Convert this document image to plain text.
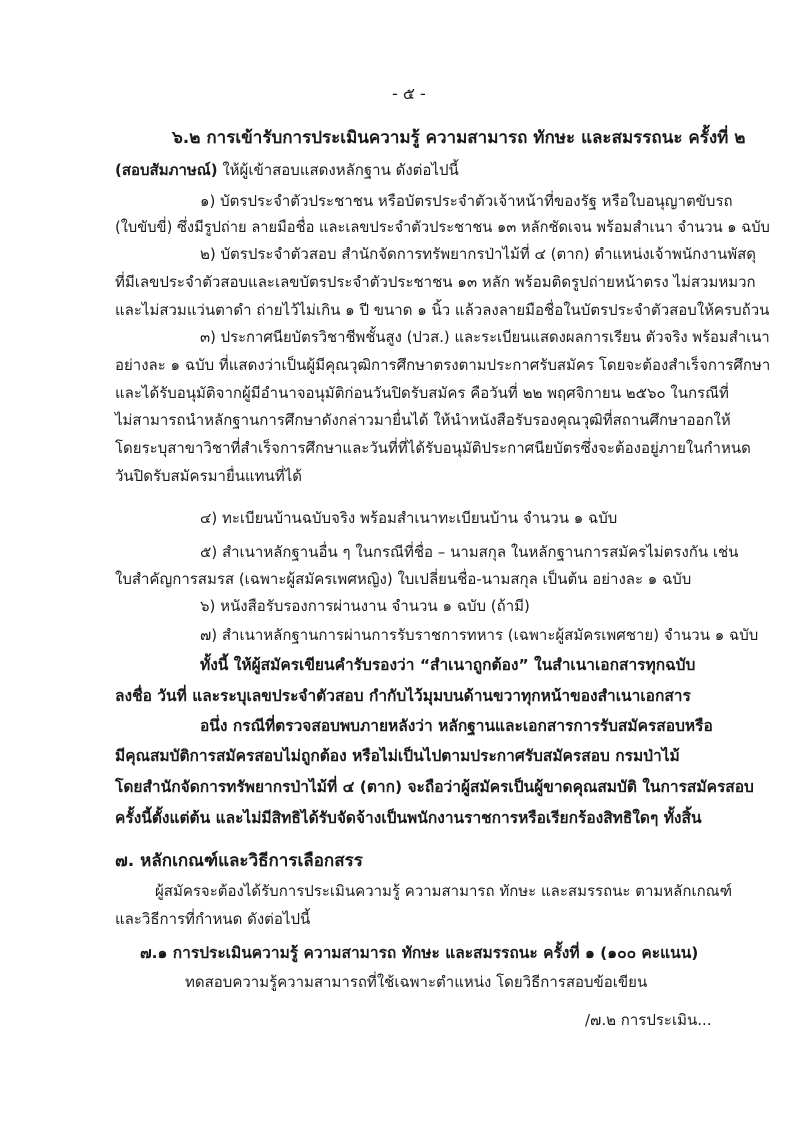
- ๕ -
๖.๒ การเข้ารับการประเมินความรู้ ความสามารถ ทักษะ และสมรรถนะ ครั้งที่ ๒
(สอบสัมภาษณ์) ให้ผู้เข้าสอบแสดงหลักฐาน ดังต่อไปนี้
๑) บัตรประจำตัวประชาชน หรือบัตรประจำตัวเจ้าหน้าที่ของรัฐ หรือใบอนุญาตขับรถ
(ใบขับขี่) ซึ่งมีรูปถ่าย ลายมือชื่อ และเลขประจำตัวประชาชน ๑๓ หลักชัดเจน พร้อมสำเนา จำนวน ๑ ฉบับ
๒) บัตรประจำตัวสอบ สำนักจัดการทรัพยากรป่าไม้ที่ ๔ (ตาก) ตำแหน่งเจ้าพนักงานพัสดุ
ที่มีเลขประจำตัวสอบและเลขบัตรประจำตัวประชาชน ๑๓ หลัก พร้อมติดรูปถ่ายหน้าตรง ไม่สวมหมวก
และไม่สวมแว่นตาดำ ถ่ายไว้ไม่เกิน ๑ ปี ขนาด ๑ นิ้ว แล้วลงลายมือชื่อในบัตรประจำตัวสอบให้ครบถ้วน
๓) ประกาศนียบัตรวิชาชีพชั้นสูง (ปวส.) และระเบียนแสดงผลการเรียน ตัวจริง พร้อมสำเนา
อย่างละ ๑ ฉบับ ที่แสดงว่าเป็นผู้มีคุณวุฒิการศึกษาตรงตามประกาศรับสมัคร โดยจะต้องสำเร็จการศึกษา
และได้รับอนุมัติจากผู้มีอำนาจอนุมัติก่อนวันปิดรับสมัคร คือวันที่ ๒๒ พฤศจิกายน ๒๕๖๐ ในกรณีที่
ไม่สามารถนำหลักฐานการศึกษาดังกล่าวมายื่นได้ ให้นำหนังสือรับรองคุณวุฒิที่สถานศึกษาออกให้
โดยระบุสาขาวิชาที่สำเร็จการศึกษาและวันที่ที่ได้รับอนุมัติประกาศนียบัตรซึ่งจะต้องอยู่ภายในกำหนด
วันปิดรับสมัครมายื่นแทนที่ได้
๔) ทะเบียนบ้านฉบับจริง พร้อมสำเนาทะเบียนบ้าน จำนวน ๑ ฉบับ
๕) สำเนาหลักฐานอื่น ๆ ในกรณีที่ชื่อ – นามสกุล ในหลักฐานการสมัครไม่ตรงกัน เช่น
ใบสำคัญการสมรส (เฉพาะผู้สมัครเพศหญิง) ใบเปลี่ยนชื่อ-นามสกุล เป็นต้น อย่างละ ๑ ฉบับ
๖) หนังสือรับรองการผ่านงาน จำนวน ๑ ฉบับ (ถ้ามี)
๗) สำเนาหลักฐานการผ่านการรับราชการทหาร (เฉพาะผู้สมัครเพศชาย) จำนวน ๑ ฉบับ
ทั้งนี้ ให้ผู้สมัครเขียนคำรับรองว่า “สำเนาถูกต้อง” ในสำเนาเอกสารทุกฉบับ
ลงชื่อ วันที่ และระบุเลขประจำตัวสอบ กำกับไว้มุมบนด้านขวาทุกหน้าของสำเนาเอกสาร
อนึ่ง กรณีที่ตรวจสอบพบภายหลังว่า หลักฐานและเอกสารการรับสมัครสอบหรือ
มีคุณสมบัติการสมัครสอบไม่ถูกต้อง หรือไม่เป็นไปตามประกาศรับสมัครสอบ กรมป่าไม้
โดยสำนักจัดการทรัพยากรป่าไม้ที่ ๔ (ตาก) จะถือว่าผู้สมัครเป็นผู้ขาดคุณสมบัติ ในการสมัครสอบ
ครั้งนี้ตั้งแต่ต้น และไม่มีสิทธิได้รับจัดจ้างเป็นพนักงานราชการหรือเรียกร้องสิทธิใดๆ ทั้งสิ้น
๗. หลักเกณฑ์และวิธีการเลือกสรร
ผู้สมัครจะต้องได้รับการประเมินความรู้ ความสามารถ ทักษะ และสมรรถนะ ตามหลักเกณฑ์
และวิธีการที่กำหนด ดังต่อไปนี้
๗.๑ การประเมินความรู้ ความสามารถ ทักษะ และสมรรถนะ ครั้งที่ ๑ (๑๐๐ คะแนน)
ทดสอบความรู้ความสามารถที่ใช้เฉพาะตำแหน่ง โดยวิธีการสอบข้อเขียน
/๗.๒ การประเมิน...
